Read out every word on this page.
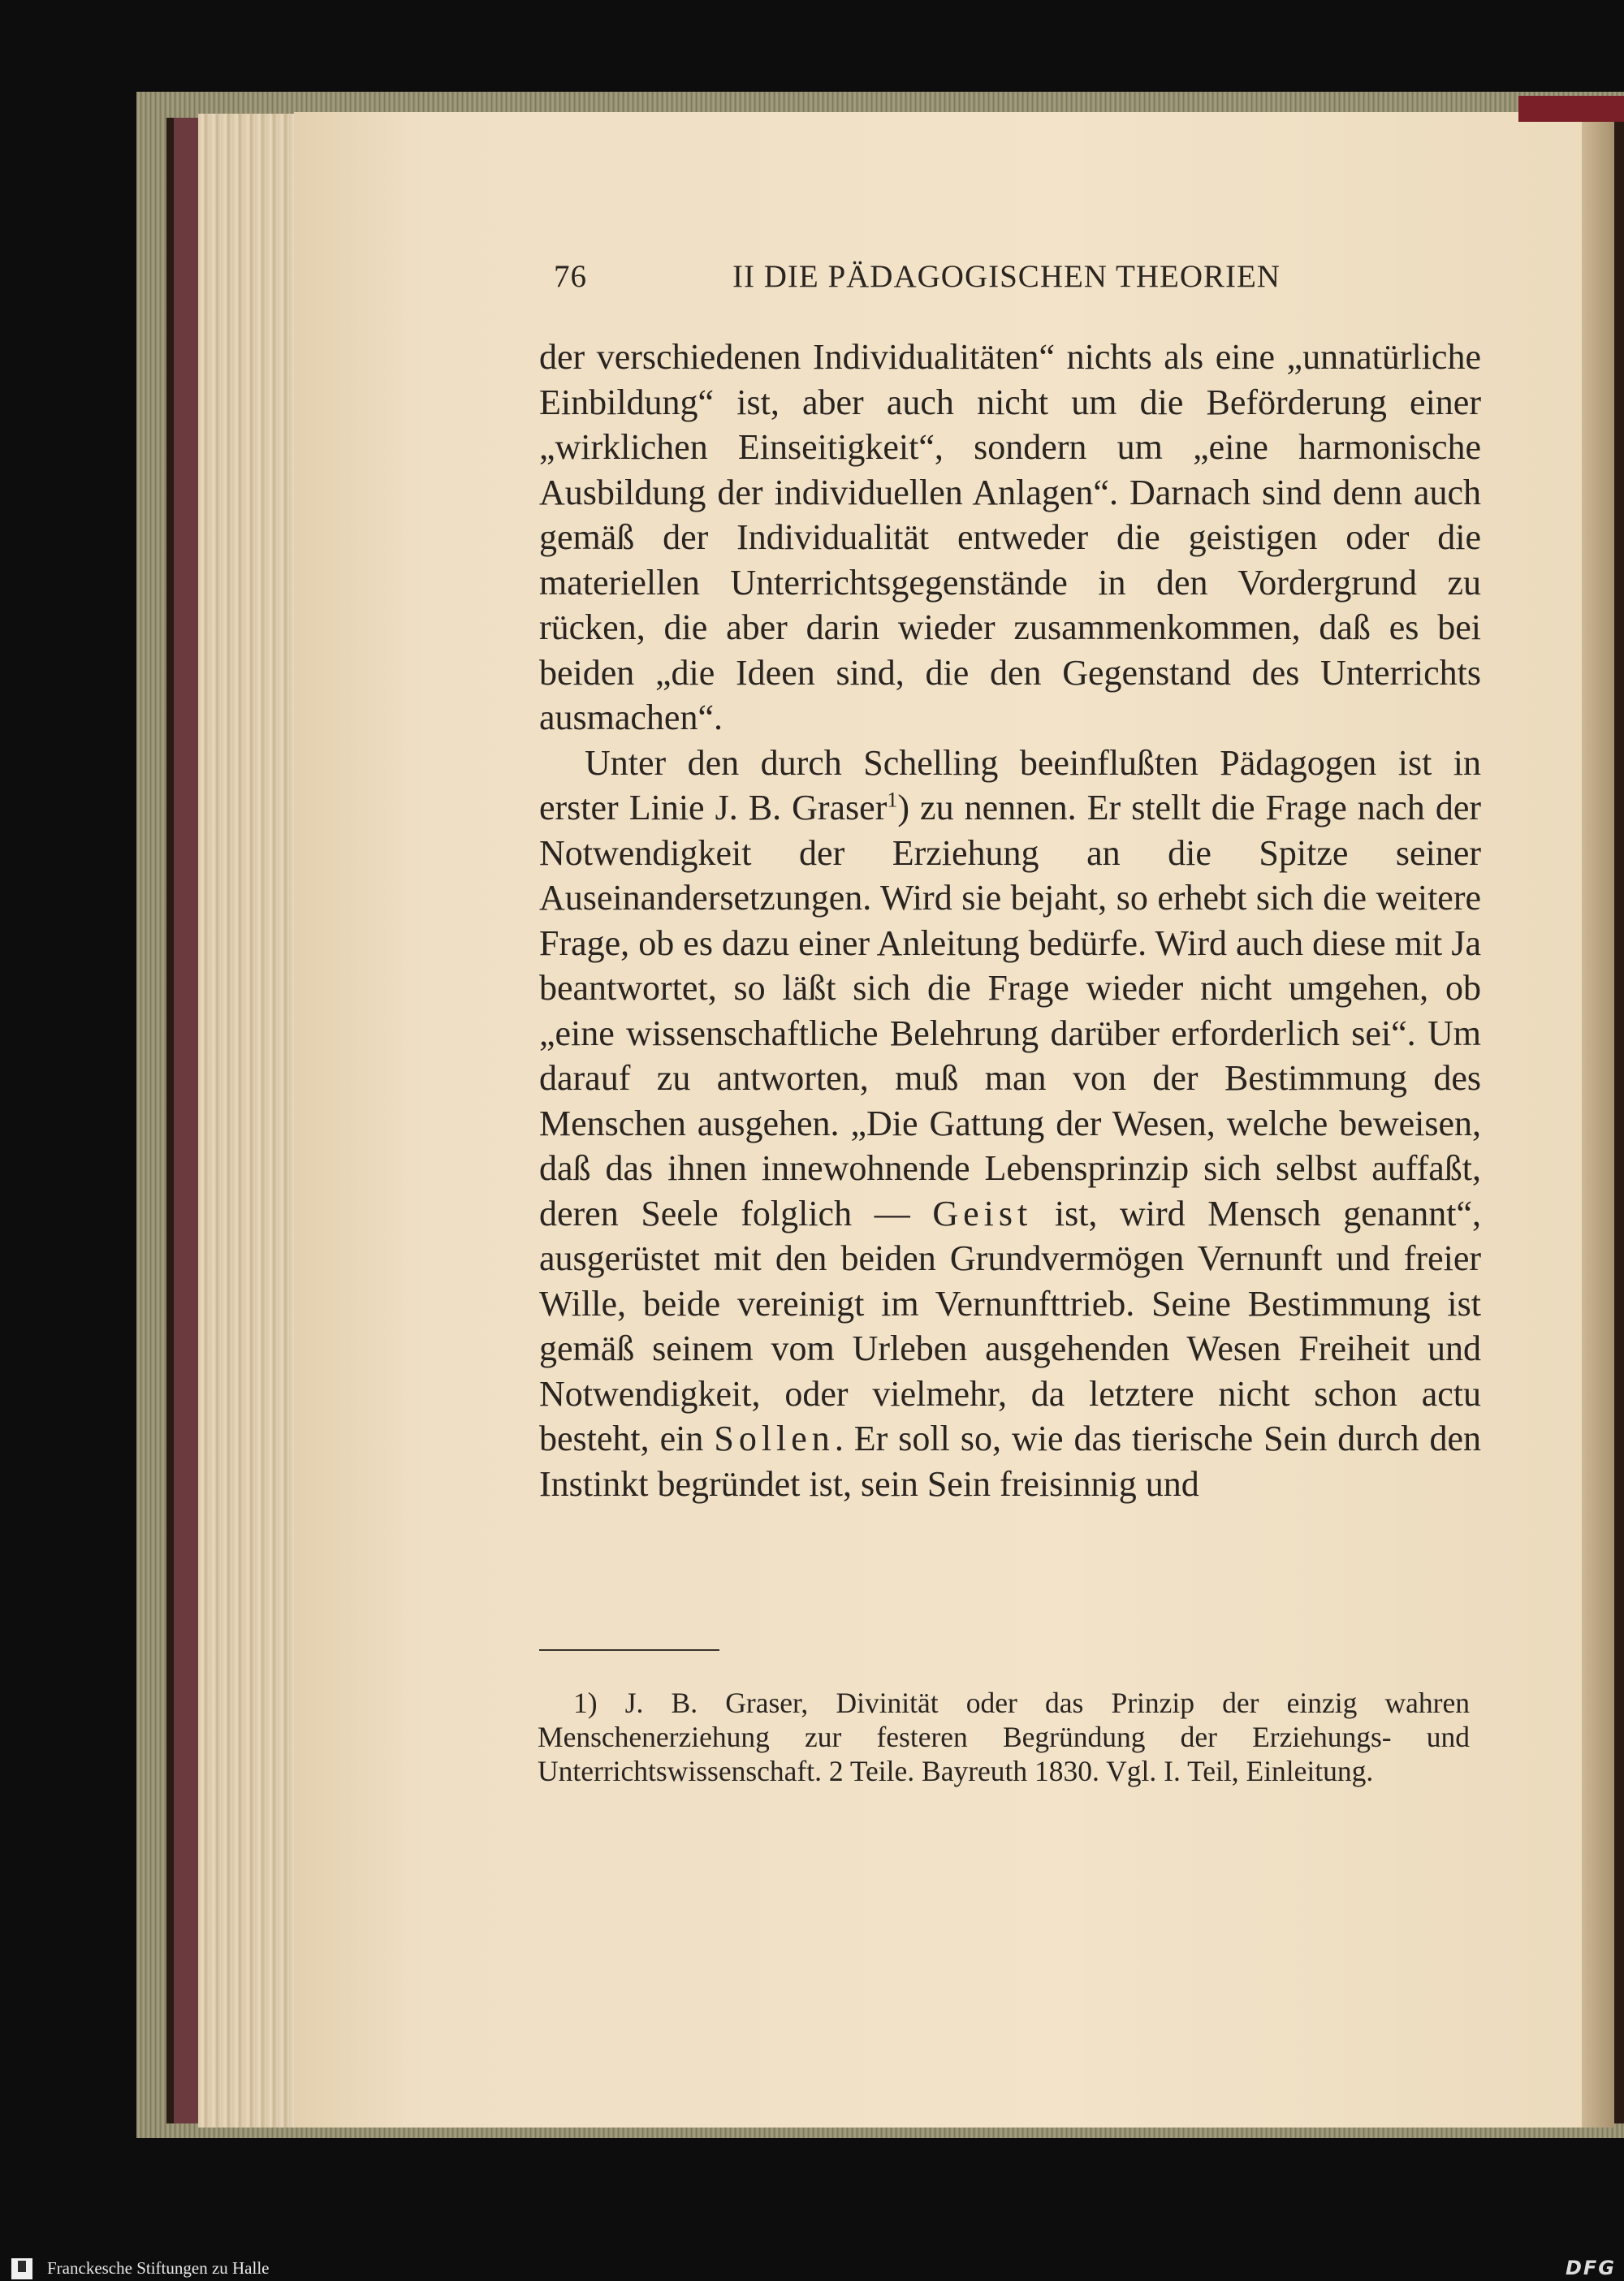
76	II DIE PÄDAGOGISCHEN THEORIEN

der verschiedenen Individualitäten“ nichts als eine „unnatürliche Einbildung“ ist, aber auch nicht um die Beförderung einer „wirklichen Einseitigkeit“, sondern um „eine harmonische Ausbildung der individuellen Anlagen“. Darnach sind denn auch gemäß der Individualität entweder die geistigen oder die materiellen Unterrichtsgegenstände in den Vordergrund zu rücken, die aber darin wieder zusammenkommen, daß es bei beiden „die Ideen sind, die den Gegenstand des Unterrichts ausmachen“.

Unter den durch Schelling beeinflußten Pädagogen ist in erster Linie J. B. Graser$^1$) zu nennen. Er stellt die Frage nach der Notwendigkeit der Erziehung an die Spitze seiner Auseinandersetzungen. Wird sie bejaht, so erhebt sich die weitere Frage, ob es dazu einer Anleitung bedürfe. Wird auch diese mit Ja beantwortet, so läßt sich die Frage wieder nicht umgehen, ob „eine wissenschaftliche Belehrung darüber erforderlich sei“. Um darauf zu antworten, muß man von der Bestimmung des Menschen ausgehen. „Die Gattung der Wesen, welche beweisen, daß das ihnen innewohnende Lebensprinzip sich selbst auffaßt, deren Seele folglich — Geist ist, wird Mensch genannt“, ausgerüstet mit den beiden Grundvermögen Vernunft und freier Wille, beide vereinigt im Vernunfttrieb. Seine Bestimmung ist gemäß seinem vom Urleben ausgehenden Wesen Freiheit und Notwendigkeit, oder vielmehr, da letztere nicht schon actu besteht, ein Sollen. Er soll so, wie das tierische Sein durch den Instinkt begründet ist, sein Sein freisinnig und

1) J. B. Graser, Divinität oder das Prinzip der einzig wahren Menschenerziehung zur festeren Begründung der Erziehungs- und Unterrichtswissenschaft. 2 Teile. Bayreuth 1830. Vgl. I. Teil, Einleitung.

Franckesche Stiftungen zu Halle	DFG
